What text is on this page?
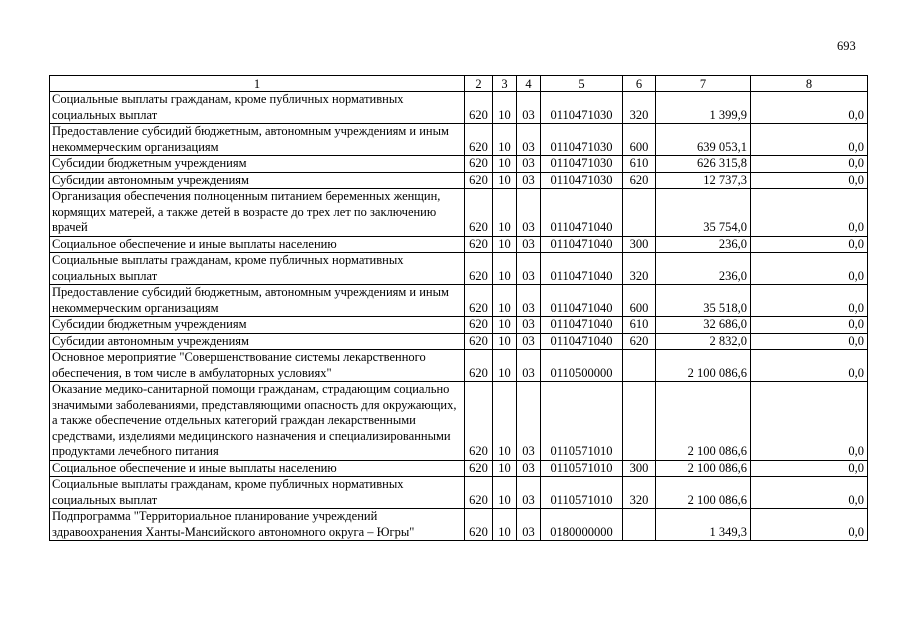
693
1	2	3	4	5	6	7	8
Социальные выплаты гражданам, кроме публичных нормативных социальных выплат	620	10	03	0110471030	320	1 399,9	0,0
Предоставление субсидий бюджетным, автономным учреждениям и иным некоммерческим организациям	620	10	03	0110471030	600	639 053,1	0,0
Субсидии бюджетным учреждениям	620	10	03	0110471030	610	626 315,8	0,0
Субсидии автономным учреждениям	620	10	03	0110471030	620	12 737,3	0,0
Организация обеспечения полноценным питанием беременных женщин, кормящих матерей, а также детей в возрасте до трех лет по заключению врачей	620	10	03	0110471040		35 754,0	0,0
Социальное обеспечение и иные выплаты населению	620	10	03	0110471040	300	236,0	0,0
Социальные выплаты гражданам, кроме публичных нормативных социальных выплат	620	10	03	0110471040	320	236,0	0,0
Предоставление субсидий бюджетным, автономным учреждениям и иным некоммерческим организациям	620	10	03	0110471040	600	35 518,0	0,0
Субсидии бюджетным учреждениям	620	10	03	0110471040	610	32 686,0	0,0
Субсидии автономным учреждениям	620	10	03	0110471040	620	2 832,0	0,0
Основное мероприятие "Совершенствование системы лекарственного обеспечения, в том числе в амбулаторных условиях"	620	10	03	0110500000		2 100 086,6	0,0
Оказание медико-санитарной помощи гражданам, страдающим социально значимыми заболеваниями, представляющими опасность для окружающих, а также обеспечение отдельных категорий граждан лекарственными средствами, изделиями медицинского назначения и специализированными продуктами лечебного питания	620	10	03	0110571010		2 100 086,6	0,0
Социальное обеспечение и иные выплаты населению	620	10	03	0110571010	300	2 100 086,6	0,0
Социальные выплаты гражданам, кроме публичных нормативных социальных выплат	620	10	03	0110571010	320	2 100 086,6	0,0
Подпрограмма "Территориальное планирование учреждений здравоохранения Ханты-Мансийского автономного округа – Югры"	620	10	03	0180000000		1 349,3	0,0
